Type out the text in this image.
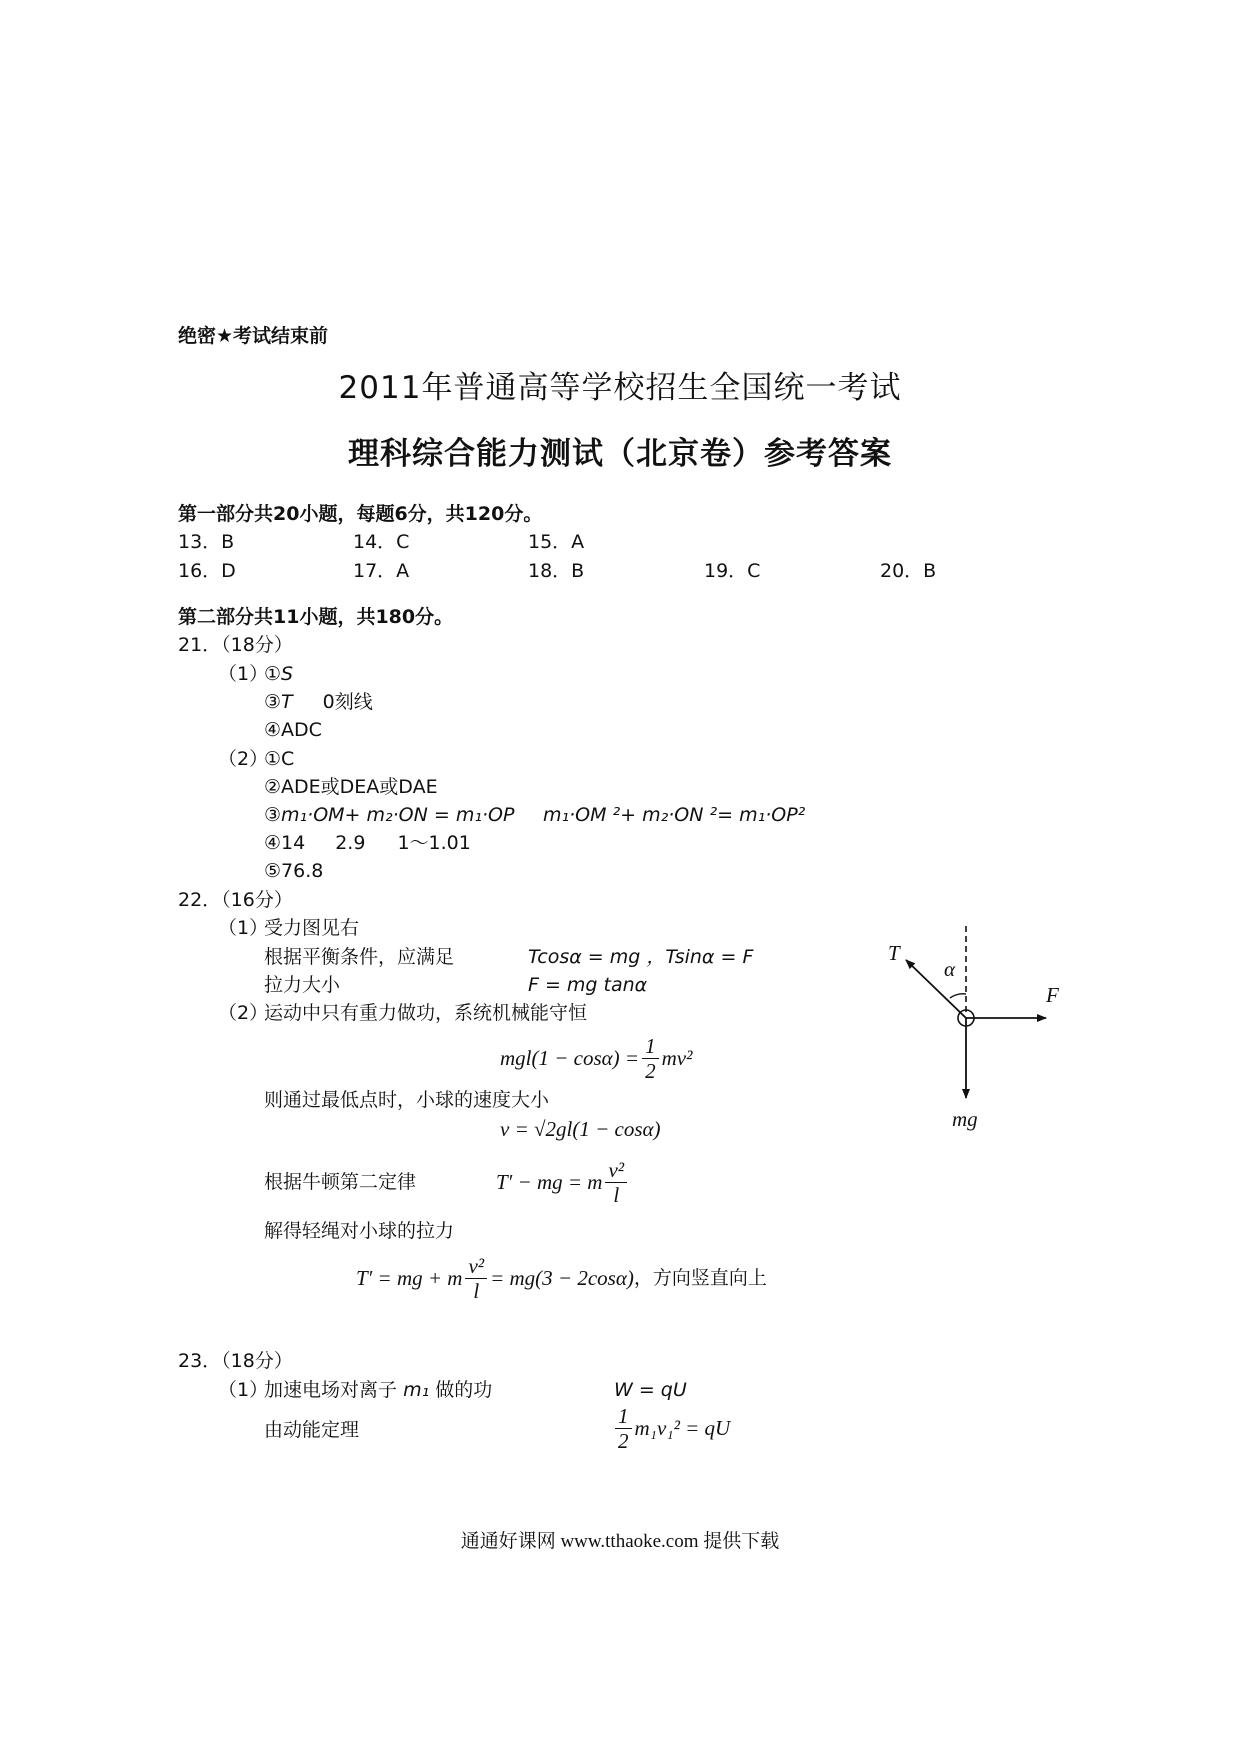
绝密★考试结束前
2011年普通高等学校招生全国统一考试
理科综合能力测试（北京卷）参考答案
第一部分共20小题，每题6分，共120分。
13．B	14．C	15．A
16．D	17．A	18．B	19．C	20．B
第二部分共11小题，共180分。
21．（18分）
（1）
①S
③T 0刻线
④ADC
（2）
①C
②ADE或DEA或DAE
③m₁·OM+ m₂·ON = m₁·OP m₁·OM ²+ m₂·ON ²= m₁·OP²
④14 2.9 1～1.01
⑤76.8
22．（16分）
（1）
受力图见右
根据平衡条件，应满足	Tcosα = mg ，Tsinα = F
拉力大小	F = mg tanα
（2）
运动中只有重力做功，系统机械能守恒
$mgl(1 - \cos\alpha) = \frac{1}{2} mv^2$
则通过最低点时，小球的速度大小
v = √2gl(1 − cosα)
根据牛顿第二定律	T′ − mg = m $\frac{\text{v²}}{l}$
解得轻绳对小球的拉力
T′ = mg + m $\frac{\text{v²}}{l} = mg(3 - 2\cos\alpha)$ ，方向竖直向上
T
α
F
mg
23．（18分）
（1）
加速电场对离子 m₁ 做的功	W = qU
由动能定理	$\frac{1}{2} m_1v_1^2$ = qU
通通好课网 www.tthaoke.com 提供下载
